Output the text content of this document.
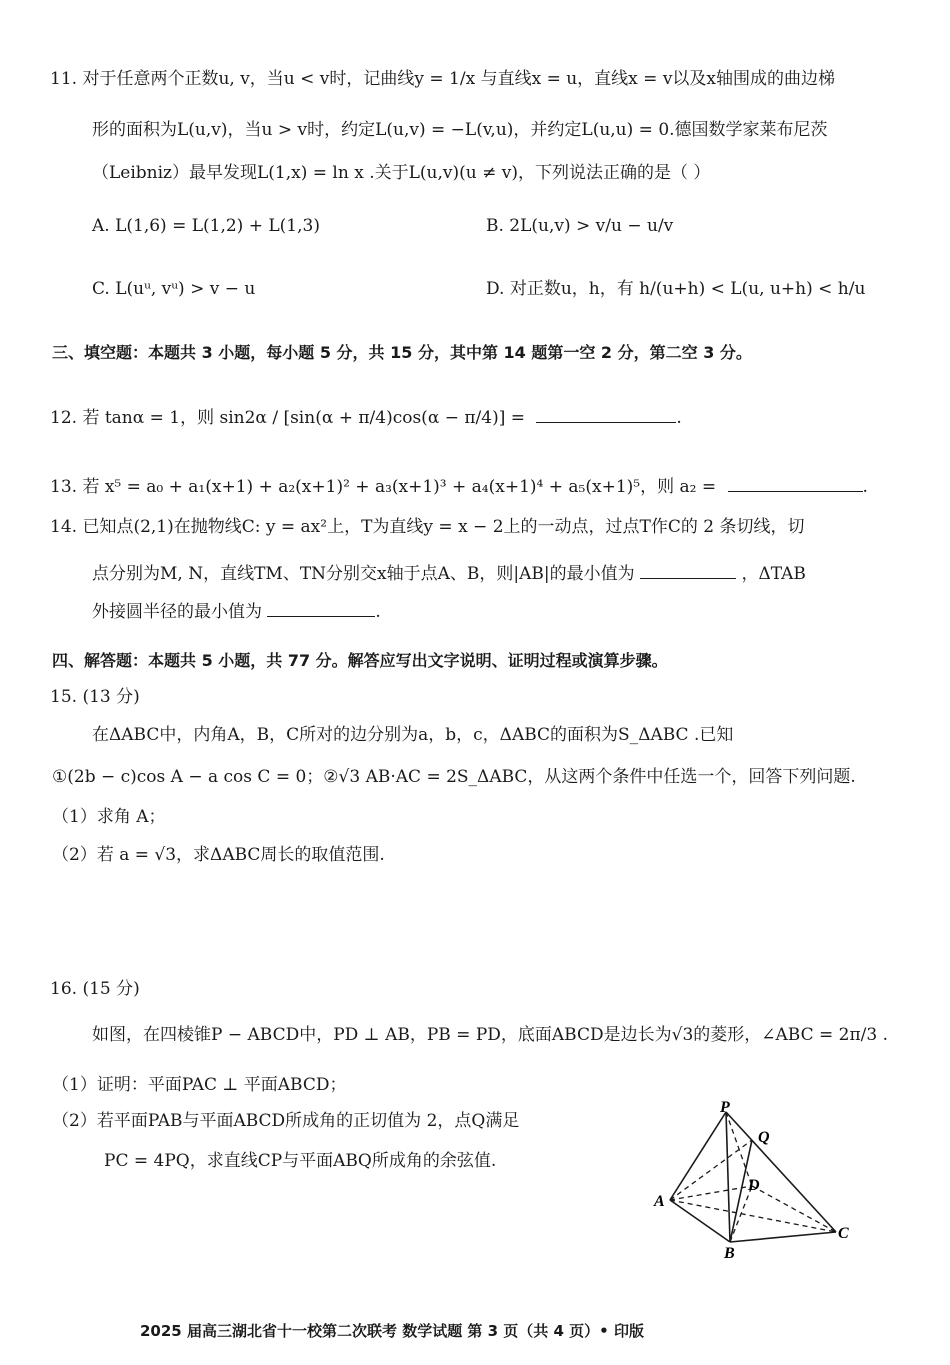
11. 对于任意两个正数u, v，当u < v时，记曲线y = 1/x 与直线x = u，直线x = v以及x轴围成的曲边梯
形的面积为L(u,v)，当u > v时，约定L(u,v) = −L(v,u)，并约定L(u,u) = 0.德国数学家莱布尼茨
（Leibniz）最早发现L(1,x) = ln x .关于L(u,v)(u ≠ v)，下列说法正确的是（ ）
A. L(1,6) = L(1,2) + L(1,3)	B. 2L(u,v) > v/u − u/v
C. L(uᵘ, vᵘ) > v − u	D. 对正数u，h，有 h/(u+h) < L(u, u+h) < h/u
三、填空题：本题共 3 小题，每小题 5 分，共 15 分，其中第 14 题第一空 2 分，第二空 3 分。
12. 若 tanα = 1，则 sin2α / [sin(α + π/4)cos(α − π/4)] =	.
13. 若 x⁵ = a₀ + a₁(x+1) + a₂(x+1)² + a₃(x+1)³ + a₄(x+1)⁴ + a₅(x+1)⁵，则 a₂ =	.
14. 已知点(2,1)在抛物线C: y = ax²上，T为直线y = x − 2上的一动点，过点T作C的 2 条切线，切
点分别为M, N，直线TM、TN分别交x轴于点A、B，则|AB|的最小值为	，ΔTAB
外接圆半径的最小值为	.
四、解答题：本题共 5 小题，共 77 分。解答应写出文字说明、证明过程或演算步骤。
15. (13 分)
在ΔABC中，内角A，B，C所对的边分别为a，b，c，ΔABC的面积为S_ΔABC .已知
①(2b − c)cos A − a cos C = 0；②√3 AB·AC = 2S_ΔABC，从这两个条件中任选一个，回答下列问题.
（1）求角 A；
（2）若 a = √3，求ΔABC周长的取值范围.
16. (15 分)
如图，在四棱锥P − ABCD中，PD ⊥ AB，PB = PD，底面ABCD是边长为√3的菱形，∠ABC = 2π/3 .
（1）证明：平面PAC ⊥ 平面ABCD；
（2）若平面PAB与平面ABCD所成角的正切值为 2，点Q满足
PC = 4PQ，求直线CP与平面ABQ所成角的余弦值.
P
Q
D
A
B
C
2025 届高三湖北省十一校第二次联考 数学试题 第 3 页（共 4 页）• 印版
